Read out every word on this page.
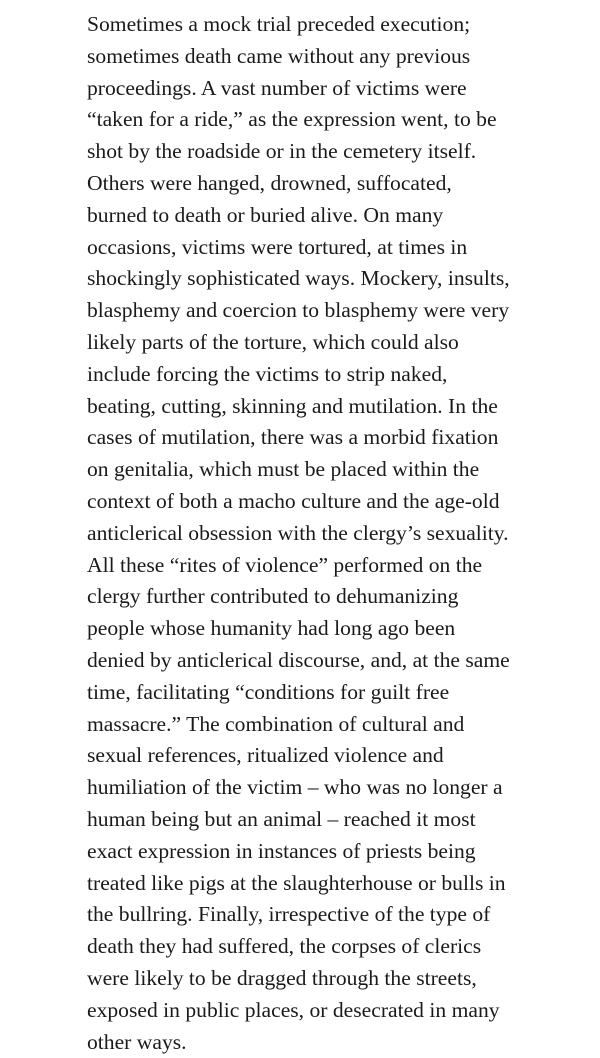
Sometimes a mock trial preceded execution;
sometimes death came without any previous
proceedings. A vast number of victims were
“taken for a ride,” as the expression went, to be
shot by the roadside or in the cemetery itself.
Others were hanged, drowned, suffocated,
burned to death or buried alive. On many
occasions, victims were tortured, at times in
shockingly sophisticated ways. Mockery, insults,
blasphemy and coercion to blasphemy were very
likely parts of the torture, which could also
include forcing the victims to strip naked,
beating, cutting, skinning and mutilation. In the
cases of mutilation, there was a morbid fixation
on genitalia, which must be placed within the
context of both a macho culture and the age-old
anticlerical obsession with the clergy’s sexuality.
All these “rites of violence” performed on the
clergy further contributed to dehumanizing
people whose humanity had long ago been
denied by anticlerical discourse, and, at the same
time, facilitating “conditions for guilt free
massacre.” The combination of cultural and
sexual references, ritualized violence and
humiliation of the victim – who was no longer a
human being but an animal – reached it most
exact expression in instances of priests being
treated like pigs at the slaughterhouse or bulls in
the bullring. Finally, irrespective of the type of
death they had suffered, the corpses of clerics
were likely to be dragged through the streets,
exposed in public places, or desecrated in many
other ways.
